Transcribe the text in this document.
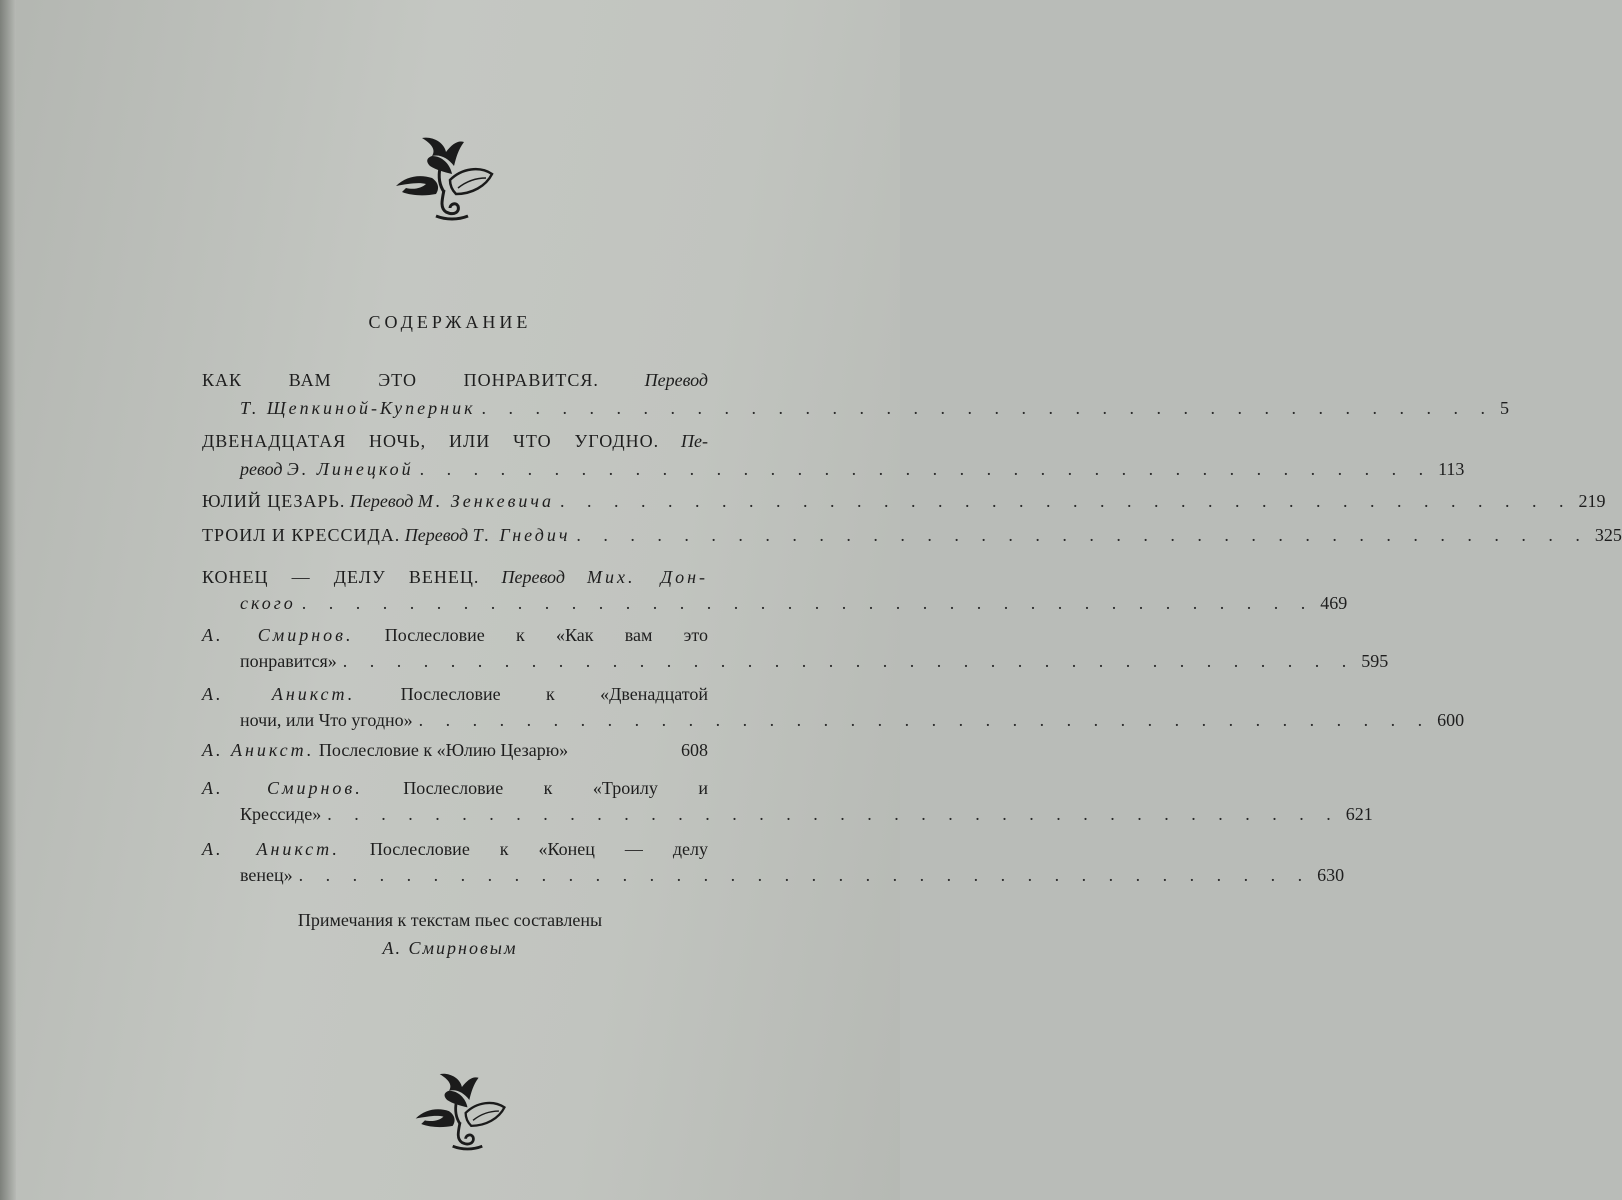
СОДЕРЖАНИЕ
КАК ВАМ ЭТО ПОНРАВИТСЯ.	Перевод
Т. Щепкиной-Куперник . . . . . . . . . . . . . . . . . . . . . . . . . . . . . . . . . . . . . . 5
ДВЕНАДЦАТАЯ НОЧЬ, ИЛИ ЧТО УГОДНО. Пе-
ревод
Э. Линецкой . . . . . . . . . . . . . . . . . . . . . . . . . . . . . . . . . . . . . . 113
ЮЛИЙ ЦЕЗАРЬ.
Перевод
М. Зенкевича . . . . . . . . . . . . . . . . . . . . . . . . . . . . . . . . . . . . . . 219
ТРОИЛ И КРЕССИДА.
Перевод
Т. Гнедич . . . . . . . . . . . . . . . . . . . . . . . . . . . . . . . . . . . . . . 325
КОНЕЦ — ДЕЛУ ВЕНЕЦ. Перевод Мих. Дон-
ского . . . . . . . . . . . . . . . . . . . . . . . . . . . . . . . . . . . . . . 469
А. Смирнов. Послесловие к «Как вам это
понравится» . . . . . . . . . . . . . . . . . . . . . . . . . . . . . . . . . . . . . . 595
А. Аникст.	Послесловие к «Двенадцатой
ночи, или Что угодно» . . . . . . . . . . . . . . . . . . . . . . . . . . . . . . . . . . . . . . 600
А. Аникст.
Послесловие к «Юлию Цезарю»	608
А. Смирнов. Послесловие к «Троилу и
Крессиде» . . . . . . . . . . . . . . . . . . . . . . . . . . . . . . . . . . . . . . 621
А. Аникст. Послесловие к «Конец — делу
венец» . . . . . . . . . . . . . . . . . . . . . . . . . . . . . . . . . . . . . . 630
Примечания к текстам пьес составлены
А. Смирновым
